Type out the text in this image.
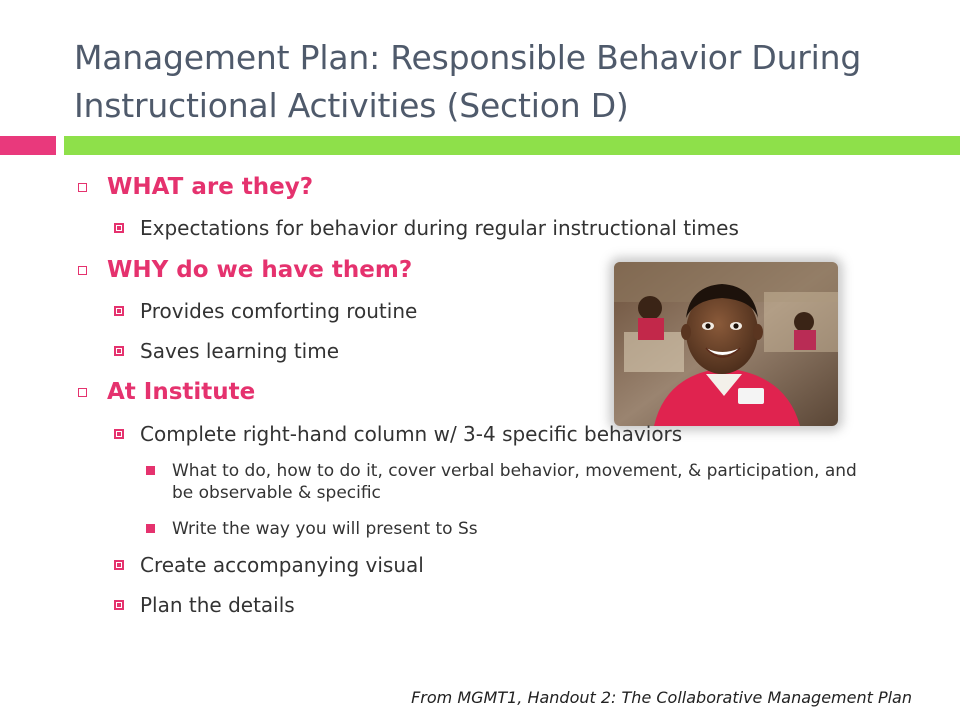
Management Plan: Responsible Behavior During Instructional Activities (Section D)
WHAT are they?
Expectations for behavior during regular instructional times
WHY do we have them?
Provides comforting routine
Saves learning time
At Institute
Complete right-hand column w/ 3-4 specific behaviors
What to do, how to do it, cover verbal behavior, movement, & participation, and be observable & specific
Write the way you will present to Ss
Create accompanying visual
Plan the details
From MGMT1, Handout 2: The Collaborative Management Plan
